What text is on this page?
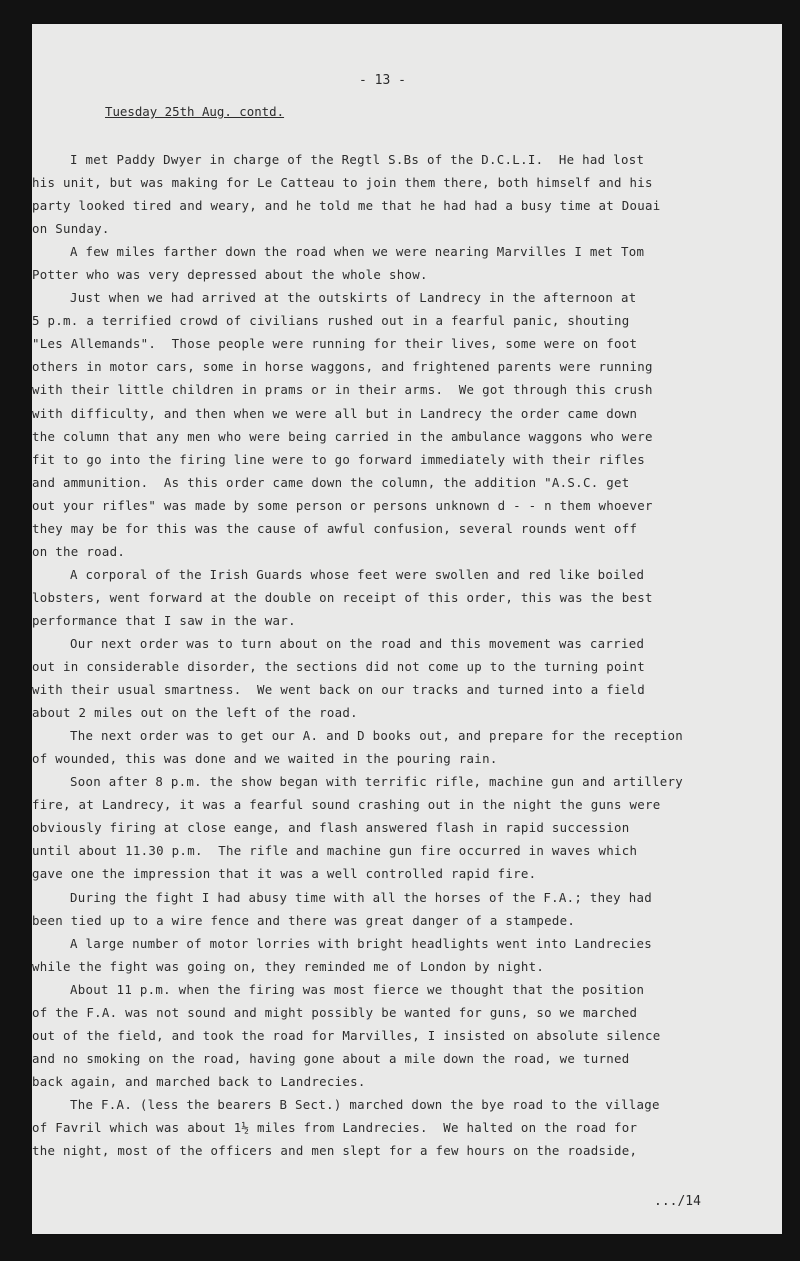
- 13 -
Tuesday 25th Aug. contd.
I met Paddy Dwyer in charge of the Regtl S.Bs of the D.C.L.I.  He had lost
his unit, but was making for Le Catteau to join them there, both himself and his
party looked tired and weary, and he told me that he had had a busy time at Douai
on Sunday.
A few miles farther down the road when we were nearing Marvilles I met Tom
Potter who was very depressed about the whole show.
Just when we had arrived at the outskirts of Landrecy in the afternoon at
5 p.m. a terrified crowd of civilians rushed out in a fearful panic, shouting
"Les Allemands".  Those people were running for their lives, some were on foot
others in motor cars, some in horse waggons, and frightened parents were running
with their little children in prams or in their arms.  We got through this crush
with difficulty, and then when we were all but in Landrecy the order came down
the column that any men who were being carried in the ambulance waggons who were
fit to go into the firing line were to go forward immediately with their rifles
and ammunition.  As this order came down the column, the addition "A.S.C. get
out your rifles" was made by some person or persons unknown d - - n them whoever
they may be for this was the cause of awful confusion, several rounds went off
on the road.
A corporal of the Irish Guards whose feet were swollen and red like boiled
lobsters, went forward at the double on receipt of this order, this was the best
performance that I saw in the war.
Our next order was to turn about on the road and this movement was carried
out in considerable disorder, the sections did not come up to the turning point
with their usual smartness.  We went back on our tracks and turned into a field
about 2 miles out on the left of the road.
The next order was to get our A. and D books out, and prepare for the reception
of wounded, this was done and we waited in the pouring rain.
Soon after 8 p.m. the show began with terrific rifle, machine gun and artillery
fire, at Landrecy, it was a fearful sound crashing out in the night the guns were
obviously firing at close eange, and flash answered flash in rapid succession
until about 11.30 p.m.  The rifle and machine gun fire occurred in waves which
gave one the impression that it was a well controlled rapid fire.
During the fight I had abusy time with all the horses of the F.A.; they had
been tied up to a wire fence and there was great danger of a stampede.
A large number of motor lorries with bright headlights went into Landrecies
while the fight was going on, they reminded me of London by night.
About 11 p.m. when the firing was most fierce we thought that the position
of the F.A. was not sound and might possibly be wanted for guns, so we marched
out of the field, and took the road for Marvilles, I insisted on absolute silence
and no smoking on the road, having gone about a mile down the road, we turned
back again, and marched back to Landrecies.
The F.A. (less the bearers B Sect.) marched down the bye road to the village
of Favril which was about 1½ miles from Landrecies.  We halted on the road for
the night, most of the officers and men slept for a few hours on the roadside,
.../14
